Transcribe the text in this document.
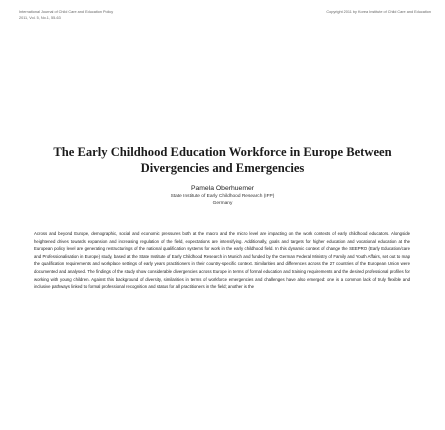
International Journal of Child Care and Education Policy
2011, Vol. 5, No.1, 55-63
Copyright 2011 by Korea Institute of Child Care and Education
The Early Childhood Education Workforce in Europe Between Divergencies and Emergencies
Pamela Oberhuemer
State Institute of Early Childhood Research (IFP)
Germany

Across and beyond Europe, demographic, social and economic pressures both at the macro and the micro level are impacting on the work contexts of early childhood educators. Alongside heightened drives towards expansion and increasing regulation of the field, expectations are intensifying. Additionally, goals and targets for higher education and vocational education at the European policy level are generating restructurings of the national qualification systems for work in the early childhood field. In this dynamic context of change the SEEPRO (Early Education/care and Professionalisation in Europe) study, based at the State Institute of Early Childhood Research in Munich and funded by the German Federal Ministry of Family and Youth Affairs, set out to map the qualification requirements and workplace settings of early years practitioners in their country-specific context. Similarities and differences across the 27 countries of the European Union were documented and analysed. The findings of the study show considerable divergencies across Europe in terms of formal education and training requirements and the desired professional profiles for working with young children. Against this background of diversity, similarities in terms of workforce emergencies and challenges have also emerged: one is a common lack of truly flexible and inclusive pathways linked to formal professional recognition and status for all practitioners in the field; another is the
